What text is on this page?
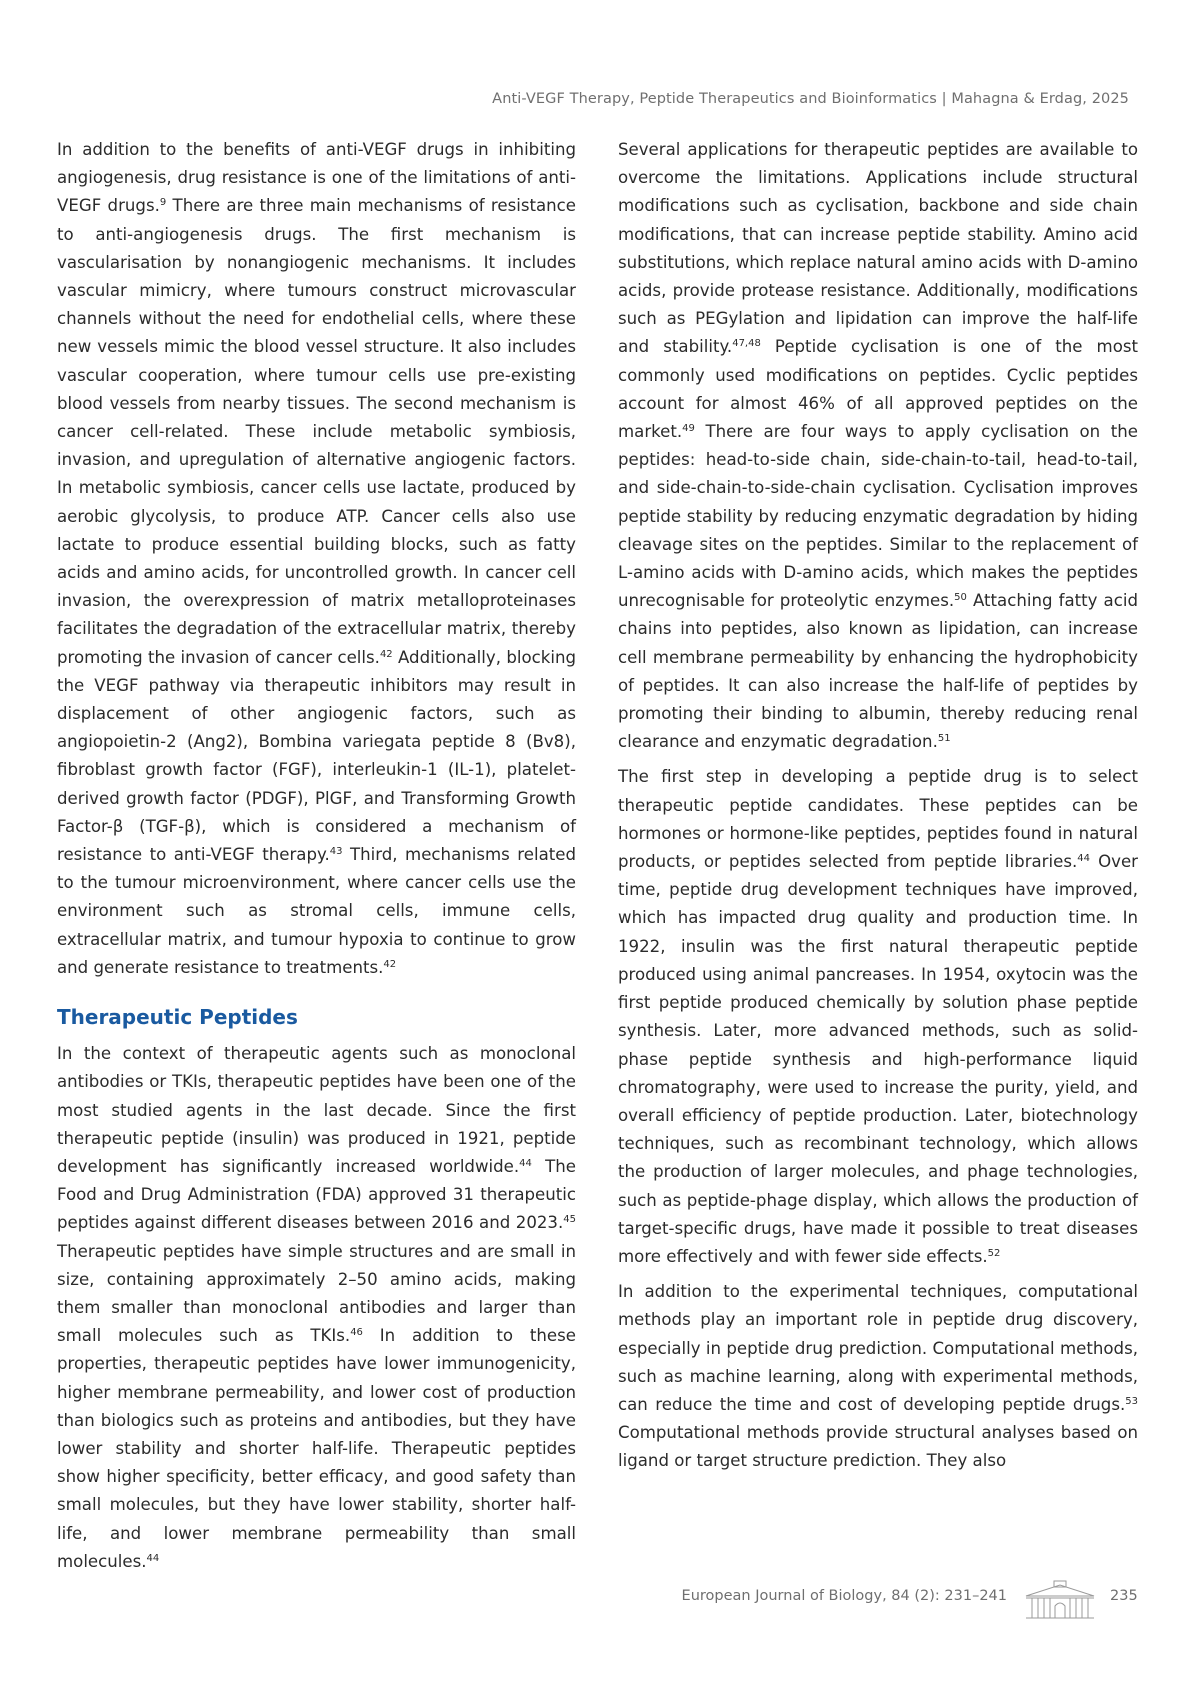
Anti-VEGF Therapy, Peptide Therapeutics and Bioinformatics | Mahagna & Erdag, 2025

In addition to the benefits of anti-VEGF drugs in inhibiting angiogenesis, drug resistance is one of the limitations of anti-VEGF drugs.$^9$ There are three main mechanisms of resistance to anti-angiogenesis drugs. The first mechanism is vascularisation by nonangiogenic mechanisms. It includes vascular mimicry, where tumours construct microvascular channels without the need for endothelial cells, where these new vessels mimic the blood vessel structure. It also includes vascular cooperation, where tumour cells use pre-existing blood vessels from nearby tissues. The second mechanism is cancer cell-related. These include metabolic symbiosis, invasion, and upregulation of alternative angiogenic factors. In metabolic symbiosis, cancer cells use lactate, produced by aerobic glycolysis, to produce ATP. Cancer cells also use lactate to produce essential building blocks, such as fatty acids and amino acids, for uncontrolled growth. In cancer cell invasion, the overexpression of matrix metalloproteinases facilitates the degradation of the extracellular matrix, thereby promoting the invasion of cancer cells.$^{42}$ Additionally, blocking the VEGF pathway via therapeutic inhibitors may result in displacement of other angiogenic factors, such as angiopoietin-2 (Ang2), Bombina variegata peptide 8 (Bv8), fibroblast growth factor (FGF), interleukin-1 (IL-1), platelet-derived growth factor (PDGF), PlGF, and Transforming Growth Factor-β (TGF-β), which is considered a mechanism of resistance to anti-VEGF therapy.$^{43}$ Third, mechanisms related to the tumour microenvironment, where cancer cells use the environment such as stromal cells, immune cells, extracellular matrix, and tumour hypoxia to continue to grow and generate resistance to treatments.$^{42}$

Therapeutic Peptides

In the context of therapeutic agents such as monoclonal antibodies or TKIs, therapeutic peptides have been one of the most studied agents in the last decade. Since the first therapeutic peptide (insulin) was produced in 1921, peptide development has significantly increased worldwide.$^{44}$ The Food and Drug Administration (FDA) approved 31 therapeutic peptides against different diseases between 2016 and 2023.45 Therapeutic peptides have simple structures and are small in size, containing approximately 2–50 amino acids, making them smaller than monoclonal antibodies and larger than small molecules such as TKIs.$^{46}$ In addition to these properties, therapeutic peptides have lower immunogenicity, higher membrane permeability, and lower cost of production than biologics such as proteins and antibodies, but they have lower stability and shorter half-life. Therapeutic peptides show higher specificity, better efficacy, and good safety than small molecules, but they have lower stability, shorter half-life, and lower membrane permeability than small molecules.$^{44}$

Several applications for therapeutic peptides are available to overcome the limitations. Applications include structural modifications such as cyclisation, backbone and side chain modifications, that can increase peptide stability. Amino acid substitutions, which replace natural amino acids with D-amino acids, provide protease resistance. Additionally, modifications such as PEGylation and lipidation can improve the half-life and stability.$^{47,48}$ Peptide cyclisation is one of the most commonly used modifications on peptides. Cyclic peptides account for almost 46% of all approved peptides on the market.$^{49}$ There are four ways to apply cyclisation on the peptides: head-to-side chain, side-chain-to-tail, head-to-tail, and side-chain-to-side-chain cyclisation. Cyclisation improves peptide stability by reducing enzymatic degradation by hiding cleavage sites on the peptides. Similar to the replacement of L-amino acids with D-amino acids, which makes the peptides unrecognisable for proteolytic enzymes.$^{50}$ Attaching fatty acid chains into peptides, also known as lipidation, can increase cell membrane permeability by enhancing the hydrophobicity of peptides. It can also increase the half-life of peptides by promoting their binding to albumin, thereby reducing renal clearance and enzymatic degradation.$^{51}$

The first step in developing a peptide drug is to select therapeutic peptide candidates. These peptides can be hormones or hormone-like peptides, peptides found in natural products, or peptides selected from peptide libraries.$^{44}$ Over time, peptide drug development techniques have improved, which has impacted drug quality and production time. In 1922, insulin was the first natural therapeutic peptide produced using animal pancreases. In 1954, oxytocin was the first peptide produced chemically by solution phase peptide synthesis. Later, more advanced methods, such as solid-phase peptide synthesis and high-performance liquid chromatography, were used to increase the purity, yield, and overall efficiency of peptide production. Later, biotechnology techniques, such as recombinant technology, which allows the production of larger molecules, and phage technologies, such as peptide-phage display, which allows the production of target-specific drugs, have made it possible to treat diseases more effectively and with fewer side effects.$^{52}$

In addition to the experimental techniques, computational methods play an important role in peptide drug discovery, especially in peptide drug prediction. Computational methods, such as machine learning, along with experimental methods, can reduce the time and cost of developing peptide drugs.$^{53}$ Computational methods provide structural analyses based on ligand or target structure prediction. They also

European Journal of Biology, 84 (2): 231–241	235
